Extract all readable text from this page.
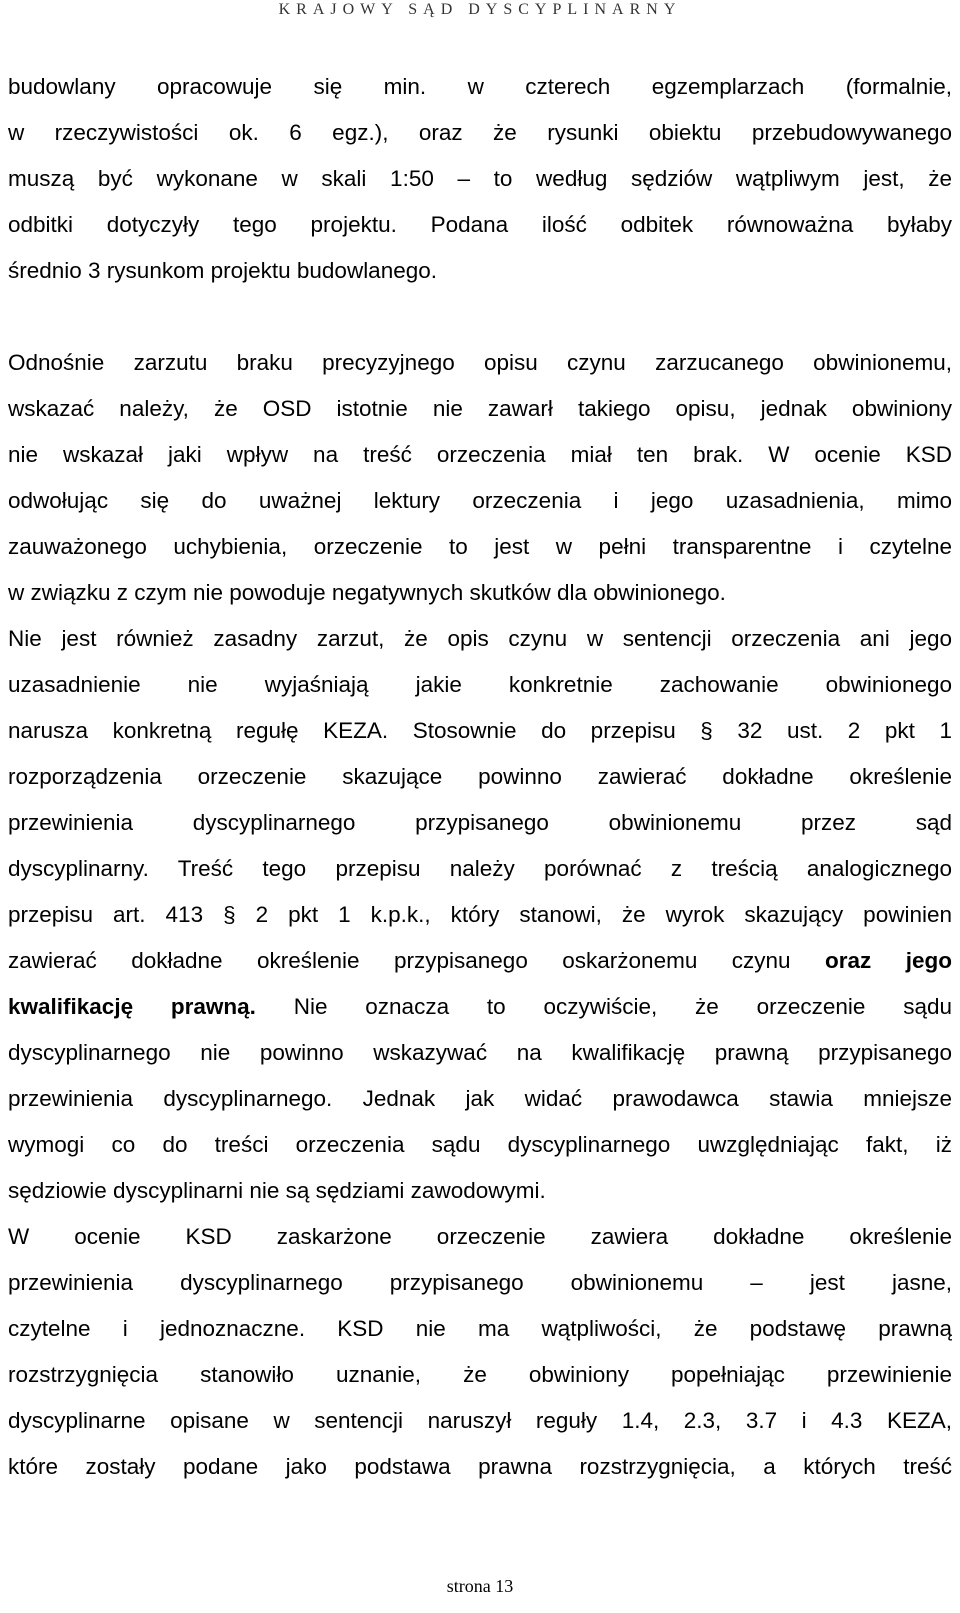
KRAJOWY SĄD DYSCYPLINARNY
budowlany opracowuje się min. w czterech egzemplarzach (formalnie,
w rzeczywistości ok. 6 egz.), oraz że rysunki obiektu przebudowywanego
muszą być wykonane w skali 1:50 – to według sędziów wątpliwym jest, że
odbitki dotyczyły tego projektu. Podana ilość odbitek równoważna byłaby
średnio 3 rysunkom projektu budowlanego.
Odnośnie zarzutu braku precyzyjnego opisu czynu zarzucanego obwinionemu,
wskazać należy, że OSD istotnie nie zawarł takiego opisu, jednak obwiniony
nie wskazał jaki wpływ na treść orzeczenia miał ten brak. W ocenie KSD
odwołując się do uważnej lektury orzeczenia i jego uzasadnienia, mimo
zauważonego uchybienia, orzeczenie to jest w pełni transparentne i czytelne
w związku z czym nie powoduje negatywnych skutków dla obwinionego.
Nie jest również zasadny zarzut, że opis czynu w sentencji orzeczenia ani jego
uzasadnienie nie wyjaśniają jakie konkretnie zachowanie obwinionego
narusza konkretną regułę KEZA. Stosownie do przepisu § 32 ust. 2 pkt 1
rozporządzenia orzeczenie skazujące powinno zawierać dokładne określenie
przewinienia dyscyplinarnego przypisanego obwinionemu przez sąd
dyscyplinarny. Treść tego przepisu należy porównać z treścią analogicznego
przepisu art. 413 § 2 pkt 1 k.p.k., który stanowi, że wyrok skazujący powinien
zawierać dokładne określenie przypisanego oskarżonemu czynu oraz jego
kwalifikację prawną. Nie oznacza to oczywiście, że orzeczenie sądu
dyscyplinarnego nie powinno wskazywać na kwalifikację prawną przypisanego
przewinienia dyscyplinarnego. Jednak jak widać prawodawca stawia mniejsze
wymogi co do treści orzeczenia sądu dyscyplinarnego uwzględniając fakt, iż
sędziowie dyscyplinarni nie są sędziami zawodowymi.
W ocenie KSD zaskarżone orzeczenie zawiera dokładne określenie
przewinienia dyscyplinarnego przypisanego obwinionemu – jest jasne,
czytelne i jednoznaczne. KSD nie ma wątpliwości, że podstawę prawną
rozstrzygnięcia stanowiło uznanie, że obwiniony popełniając przewinienie
dyscyplinarne opisane w sentencji naruszył reguły 1.4, 2.3, 3.7 i 4.3 KEZA,
które zostały podane jako podstawa prawna rozstrzygnięcia, a których treść
strona 13
